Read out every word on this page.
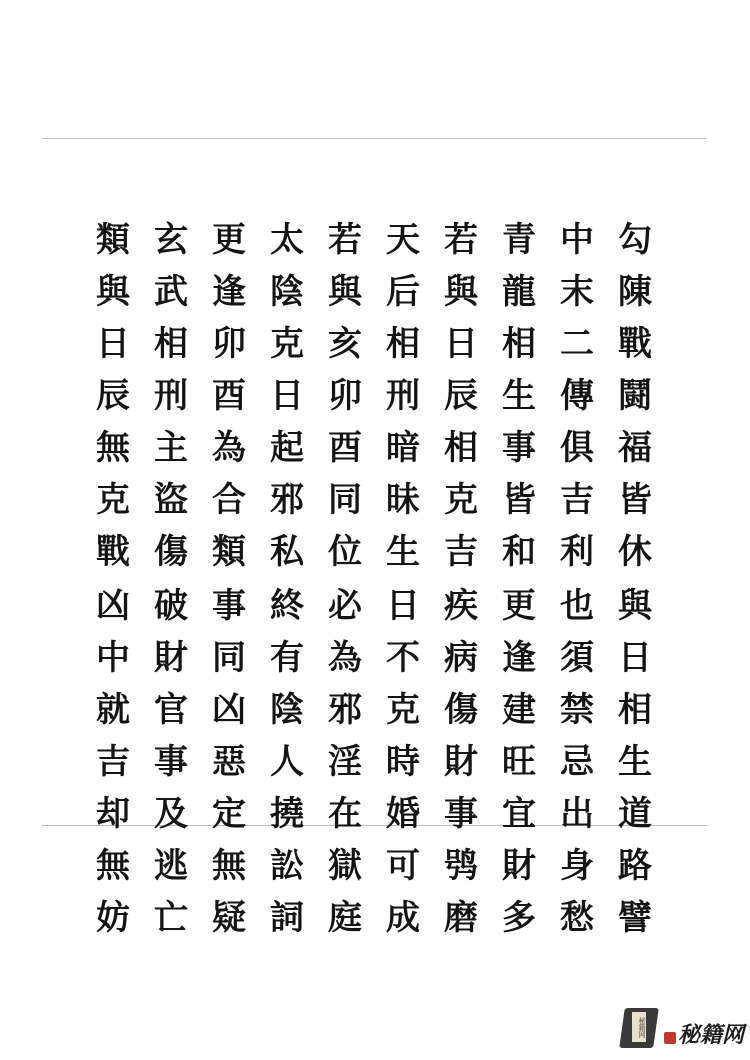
勾
陳
戰
鬪
福
皆
休
中
末
二
傳
俱
吉
利
青
龍
相
生
事
皆
和
若
與
日
辰
相
克
吉
天
后
相
刑
暗
昧
生
若
與
亥
卯
酉
同
位
太
陰
克
日
起
邪
私
更
逢
卯
酉
為
合
類
玄
武
相
刑
主
盜
傷
類
與
日
辰
無
克
戰
與
日
相
生
道
路
譬
也
須
禁
忌
出
身
愁
更
逢
建
旺
宜
財
多
疾
病
傷
財
事
鸮
磨
日
不
克
時
婚
可
成
必
為
邪
淫
在
獄
庭
終
有
陰
人
撓
訟
詞
事
同
凶
惡
定
無
疑
破
財
官
事
及
逃
亡
凶
中
就
吉
却
無
妨
秘籍网 秘籍网
